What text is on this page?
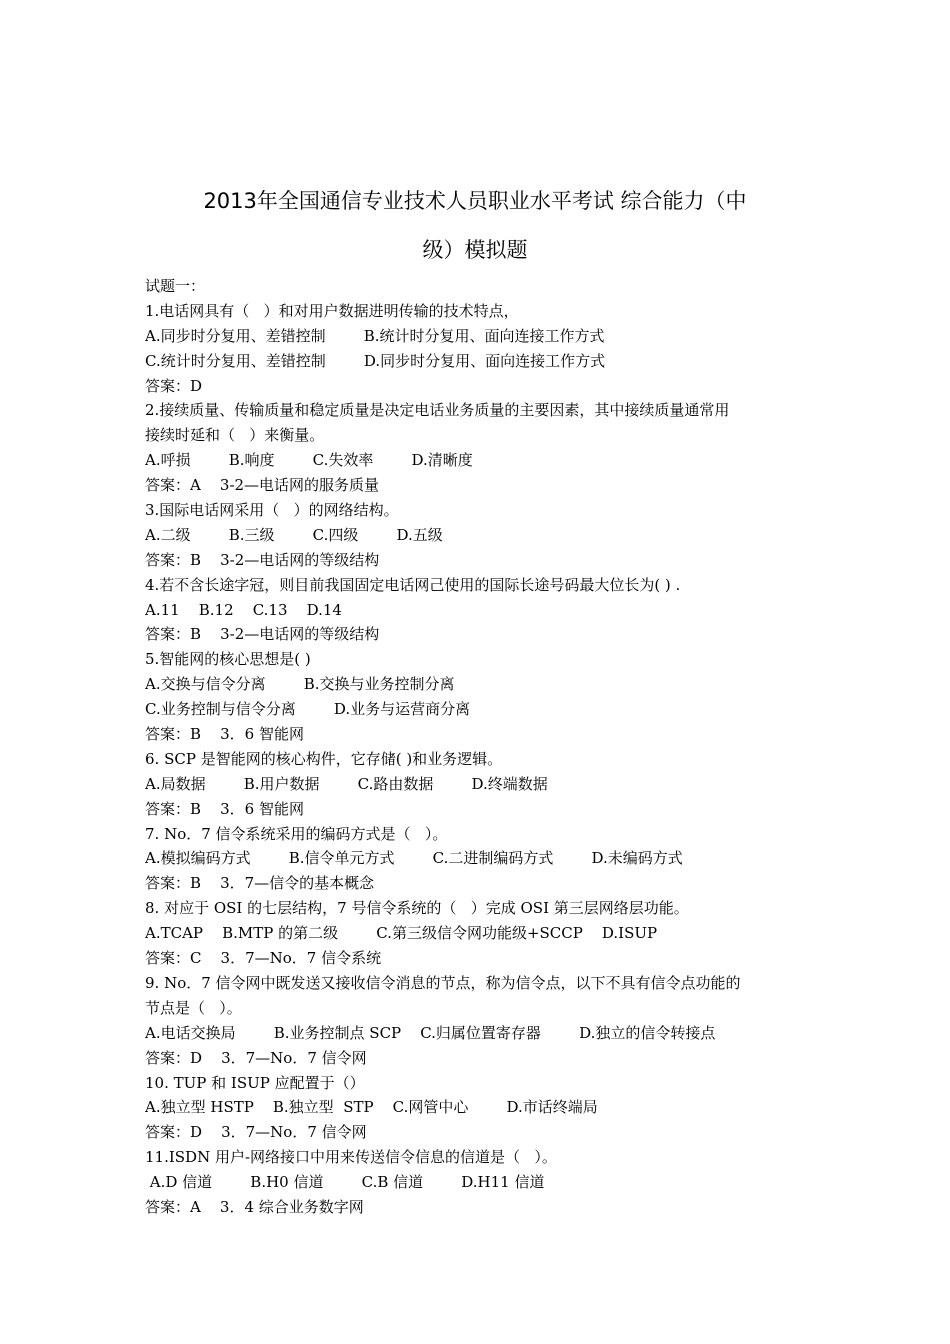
2013年全国通信专业技术人员职业水平考试 综合能力（中
级）模拟题
试题一：
1.电话网具有（   ）和对用户数据进明传输的技术特点，
A.同步时分复用、差错控制        B.统计时分复用、面向连接工作方式
C.统计时分复用、差错控制        D.同步时分复用、面向连接工作方式
答案：D
2.接续质量、传输质量和稳定质量是决定电话业务质量的主要因素，其中接续质量通常用
接续时延和（   ）来衡量。
A.呼损        B.响度        C.失效率        D.清晰度
答案：A    3-2—电话网的服务质量
3.国际电话网采用（   ）的网络结构。
A.二级        B.三级        C.四级        D.五级
答案：B    3-2—电话网的等级结构
4.若不含长途字冠，则目前我国固定电话网己使用的国际长途号码最大位长为( ) .
A.11    B.12    C.13    D.14
答案：B    3-2—电话网的等级结构
5.智能网的核心思想是( )
A.交换与信令分离        B.交换与业务控制分离
C.业务控制与信令分离        D.业务与运营商分离
答案：B    3．6 智能网
6. SCP 是智能网的核心构件，它存储( )和业务逻辑。
A.局数据        B.用户数据        C.路由数据        D.终端数据
答案：B    3．6 智能网
7. No．7 信令系统采用的编码方式是（   ）。
A.模拟编码方式        B.信令单元方式        C.二进制编码方式        D.未编码方式
答案：B    3．7—信令的基本概念
8. 对应于 OSI 的七层结构，7 号信令系统的（   ）完成 OSI 第三层网络层功能。
A.TCAP    B.MTP 的第二级        C.第三级信令网功能级+SCCP    D.ISUP
答案：C    3．7—No．7 信令系统
9. No．7 信令网中既发送又接收信令消息的节点，称为信令点，以下不具有信令点功能的
节点是（   ）。
A.电话交换局        B.业务控制点 SCP    C.归属位置寄存器        D.独立的信令转接点
答案：D    3．7—No．7 信令网
10. TUP 和 ISUP 应配置于（）
A.独立型 HSTP    B.独立型  STP    C.网管中心        D.市话终端局
答案：D    3．7—No．7 信令网
11.ISDN 用户-网络接口中用来传送信令信息的信道是（   ）。
A.D 信道        B.H0 信道        C.B 信道        D.H11 信道
答案：A    3．4 综合业务数字网
